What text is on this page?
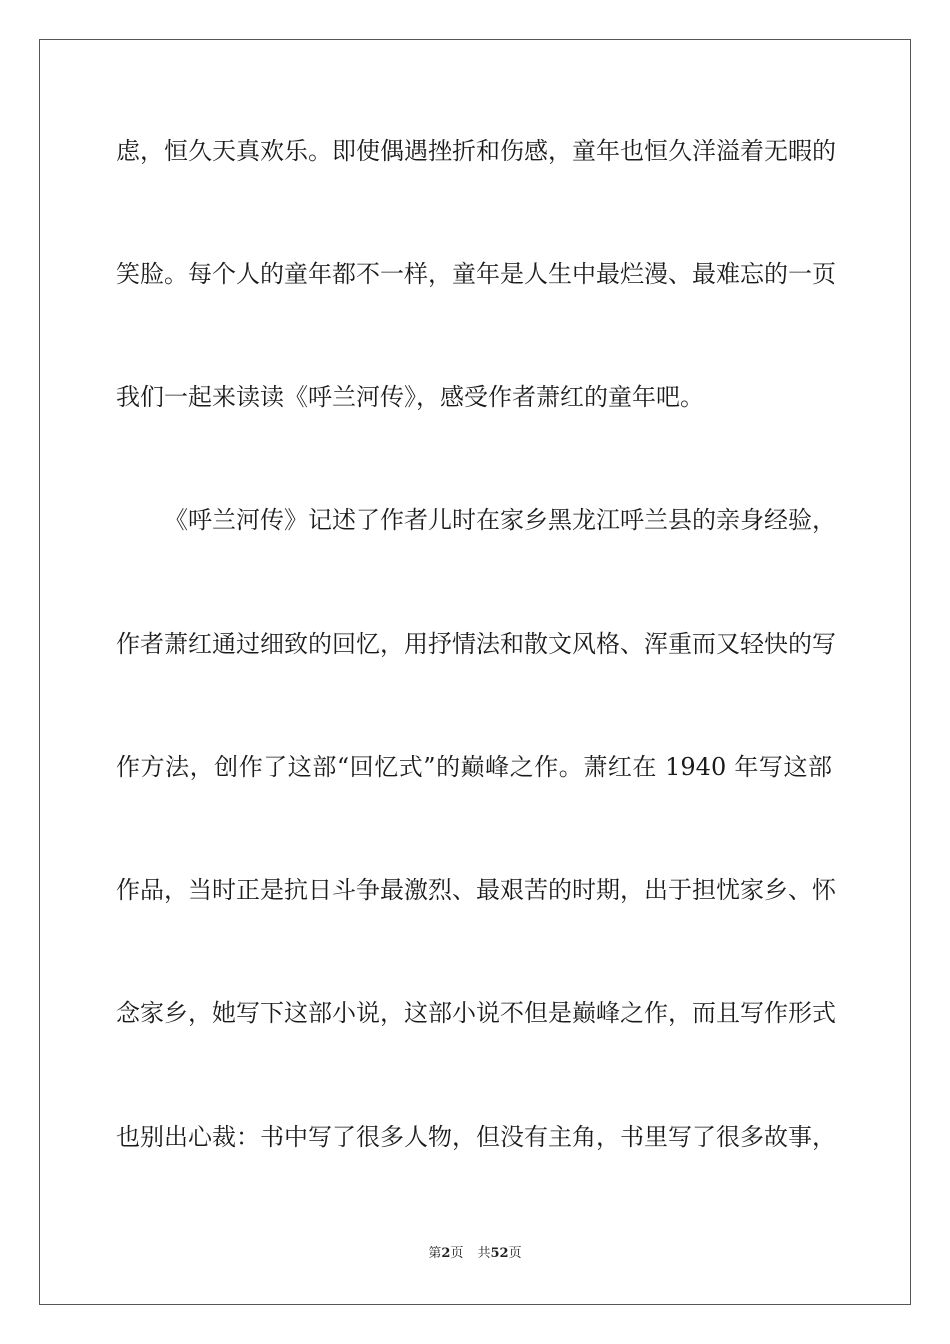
虑，恒久天真欢乐。即使偶遇挫折和伤感，童年也恒久洋溢着无暇的
笑脸。每个人的童年都不一样，童年是人生中最烂漫、最难忘的一页
我们一起来读读《呼兰河传》，感受作者萧红的童年吧。
《呼兰河传》记述了作者儿时在家乡黑龙江呼兰县的亲身经验，
作者萧红通过细致的回忆，用抒情法和散文风格、浑重而又轻快的写
作方法，创作了这部“回忆式”的巅峰之作。萧红在 1940 年写这部
作品，当时正是抗日斗争最激烈、最艰苦的时期，出于担忧家乡、怀
念家乡，她写下这部小说，这部小说不但是巅峰之作，而且写作形式
也别出心裁：书中写了很多人物，但没有主角，书里写了很多故事，
第2页 共52页
